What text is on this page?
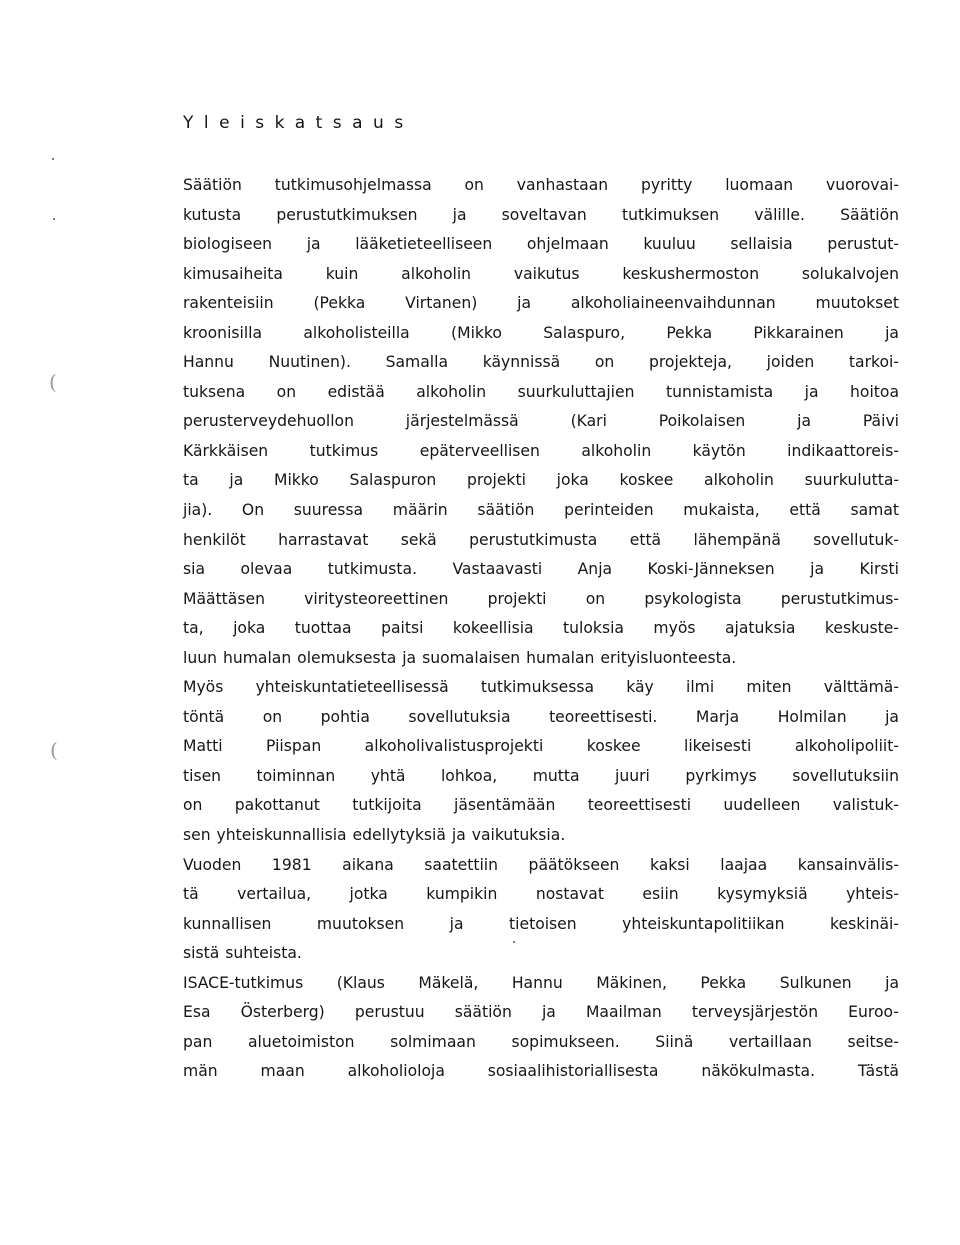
Yleiskatsaus
Säätiön tutkimusohjelmassa on vanhastaan pyritty luomaan vuorovai-
kutusta perustutkimuksen ja soveltavan tutkimuksen välille. Säätiön
biologiseen ja lääketieteelliseen ohjelmaan kuuluu sellaisia perustut-
kimusaiheita kuin alkoholin vaikutus keskushermoston solukalvojen
rakenteisiin (Pekka Virtanen) ja alkoholiaineenvaihdunnan muutokset
kroonisilla alkoholisteilla (Mikko Salaspuro, Pekka Pikkarainen ja
Hannu Nuutinen). Samalla käynnissä on projekteja, joiden tarkoi-
tuksena on edistää alkoholin suurkuluttajien tunnistamista ja hoitoa
perusterveydehuollon järjestelmässä (Kari Poikolaisen ja Päivi
Kärkkäisen tutkimus epäterveellisen alkoholin käytön indikaattoreis-
ta ja Mikko Salaspuron projekti joka koskee alkoholin suurkulutta-
jia). On suuressa määrin säätiön perinteiden mukaista, että samat
henkilöt harrastavat sekä perustutkimusta että lähempänä sovellutuk-
sia olevaa tutkimusta. Vastaavasti Anja Koski-Jänneksen ja Kirsti
Määttäsen viritysteoreettinen projekti on psykologista perustutkimus-
ta, joka tuottaa paitsi kokeellisia tuloksia myös ajatuksia keskuste-
luun humalan olemuksesta ja suomalaisen humalan erityisluonteesta.
Myös yhteiskuntatieteellisessä tutkimuksessa käy ilmi miten välttämä-
töntä on pohtia sovellutuksia teoreettisesti. Marja Holmilan ja
Matti Piispan alkoholivalistusprojekti koskee likeisesti alkoholipoliit-
tisen toiminnan yhtä lohkoa, mutta juuri pyrkimys sovellutuksiin
on pakottanut tutkijoita jäsentämään teoreettisesti uudelleen valistuk-
sen yhteiskunnallisia edellytyksiä ja vaikutuksia.
Vuoden 1981 aikana saatettiin päätökseen kaksi laajaa kansainvälis-
tä vertailua, jotka kumpikin nostavat esiin kysymyksiä yhteis-
kunnallisen muutoksen ja tietoisen yhteiskuntapolitiikan keskinäi-
sistä suhteista.
ISACE-tutkimus (Klaus Mäkelä, Hannu Mäkinen, Pekka Sulkunen ja
Esa Österberg) perustuu säätiön ja Maailman terveysjärjestön Euroo-
pan aluetoimiston solmimaan sopimukseen. Siinä vertaillaan seitse-
män maan alkoholioloja sosiaalihistoriallisesta näkökulmasta. Tästä
(
(
